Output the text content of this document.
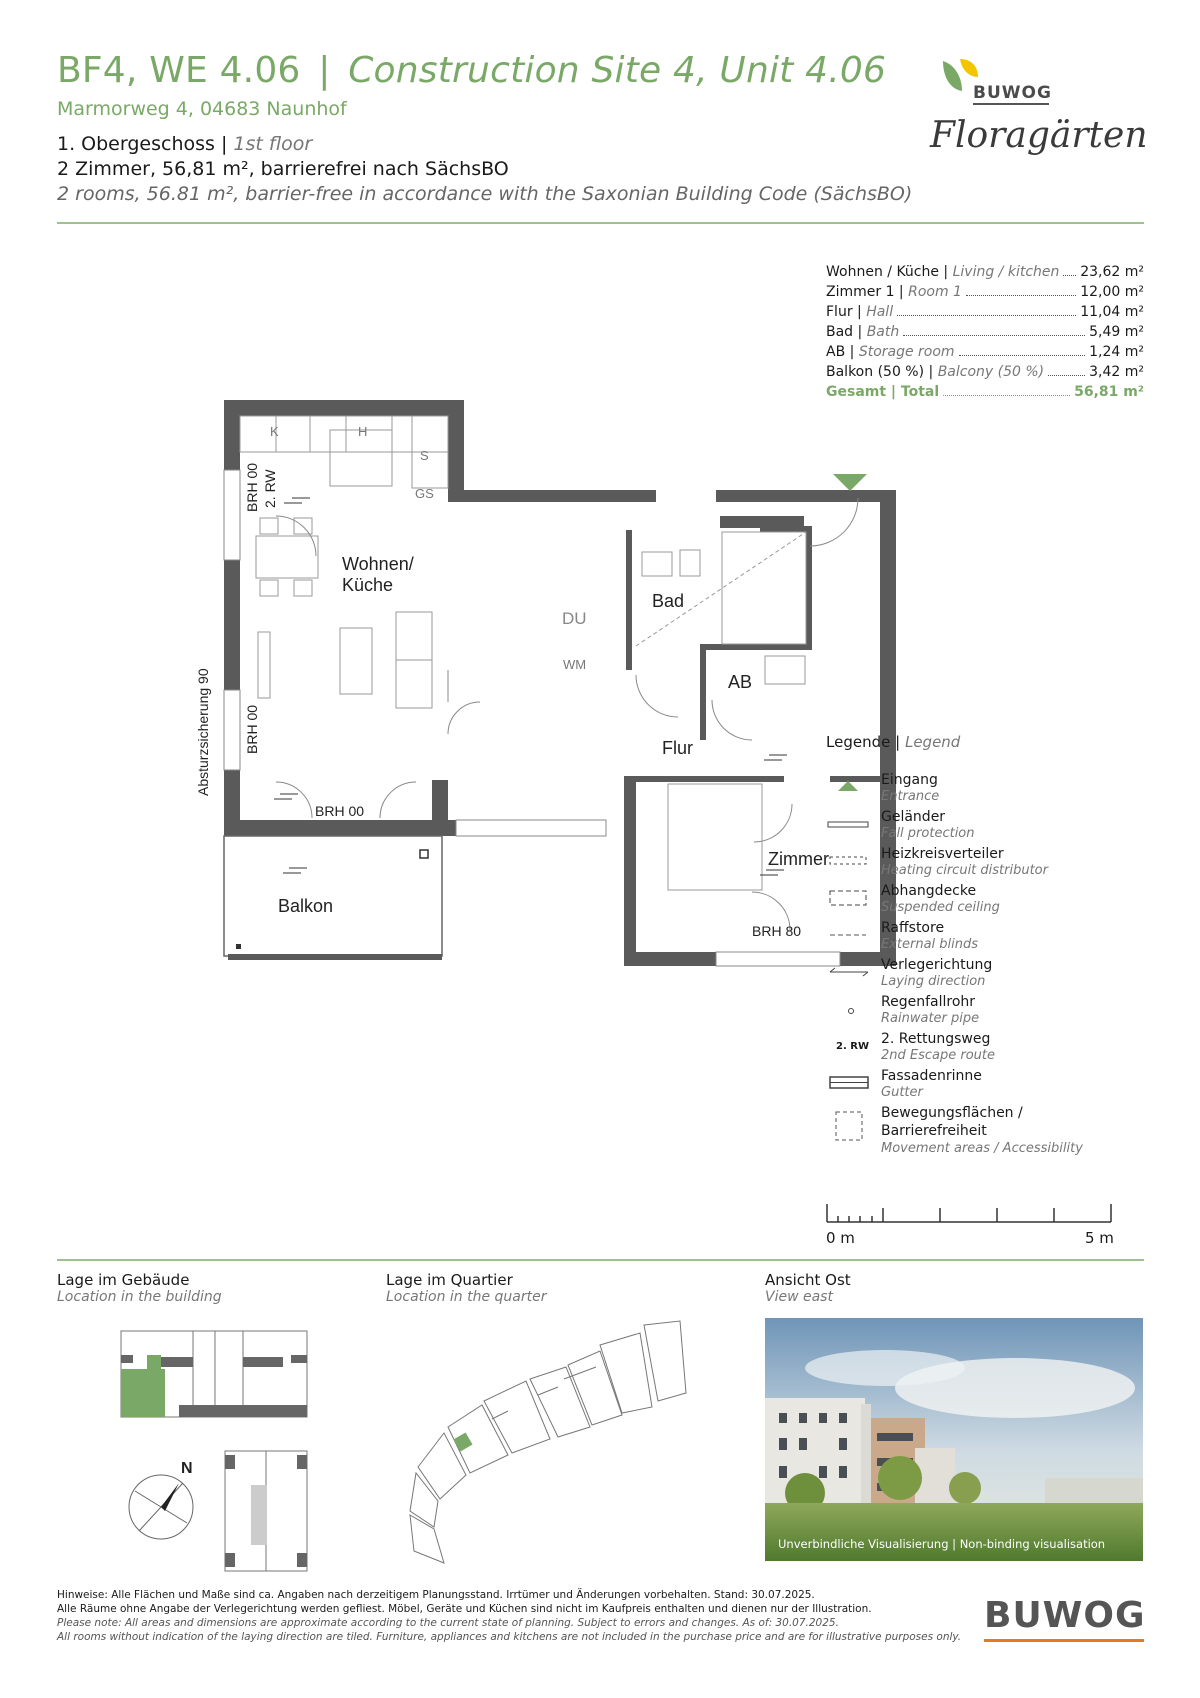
BF4, WE 4.06 | Construction Site 4, Unit 4.06
Marmorweg 4, 04683 Naunhof
1. Obergeschoss | 1st floor
2 Zimmer, 56,81 m², barrierefrei nach SächsBO
2 rooms, 56.81 m², barrier-free in accordance with the Saxonian Building Code (SächsBO)
BUWOG
Floragärten
Wohnen / Küche | Living / kitchen 23,62 m²
Zimmer 1 | Room 1	12,00 m²
Flur | Hall	11,04 m²
Bad | Bath	5,49 m²
AB | Storage room	1,24 m²
Balkon (50 %) | Balcony (50 %)	3,42 m²
Gesamt | Total	56,81 m²
Wohnen/
Küche
Bad
Flur
Zimmer
Balkon
AB
DU
K	H
S
GS
WM
BRH 00
BRH 80
BRH 00 2. RW
BRH 00
Absturzsicherung 90	Legende | Legend
Eingang
Entrance
Geländer
Fall protection
Heizkreisverteiler
Heating circuit distributor
Abhangdecke
Suspended ceiling
Raffstore
External blinds
Verlegerichtung
Laying direction
Regenfallrohr
Rainwater pipe
2. RW 2. Rettungsweg
2nd Escape route
Fassadenrinne
Gutter
Bewegungsflächen /
Barrierefreiheit
Movement areas / Accessibility
0 m	5 m
Lage im Gebäude
Location in the building
Lage im Quartier
Location in the quarter
Ansicht Ost
View east
N
Unverbindliche Visualisierung | Non-binding visualisation
Hinweise: Alle Flächen und Maße sind ca. Angaben nach derzeitigem Planungsstand. Irrtümer und Änderungen vorbehalten. Stand: 30.07.2025.
Alle Räume ohne Angabe der Verlegerichtung werden gefliest. Möbel, Geräte und Küchen sind nicht im Kaufpreis enthalten und dienen nur der Illustration.
Please note: All areas and dimensions are approximate according to the current state of planning. Subject to errors and changes. As of: 30.07.2025.
All rooms without indication of the laying direction are tiled. Furniture, appliances and kitchens are not included in the purchase price and are for illustrative purposes only.
BUWOG
